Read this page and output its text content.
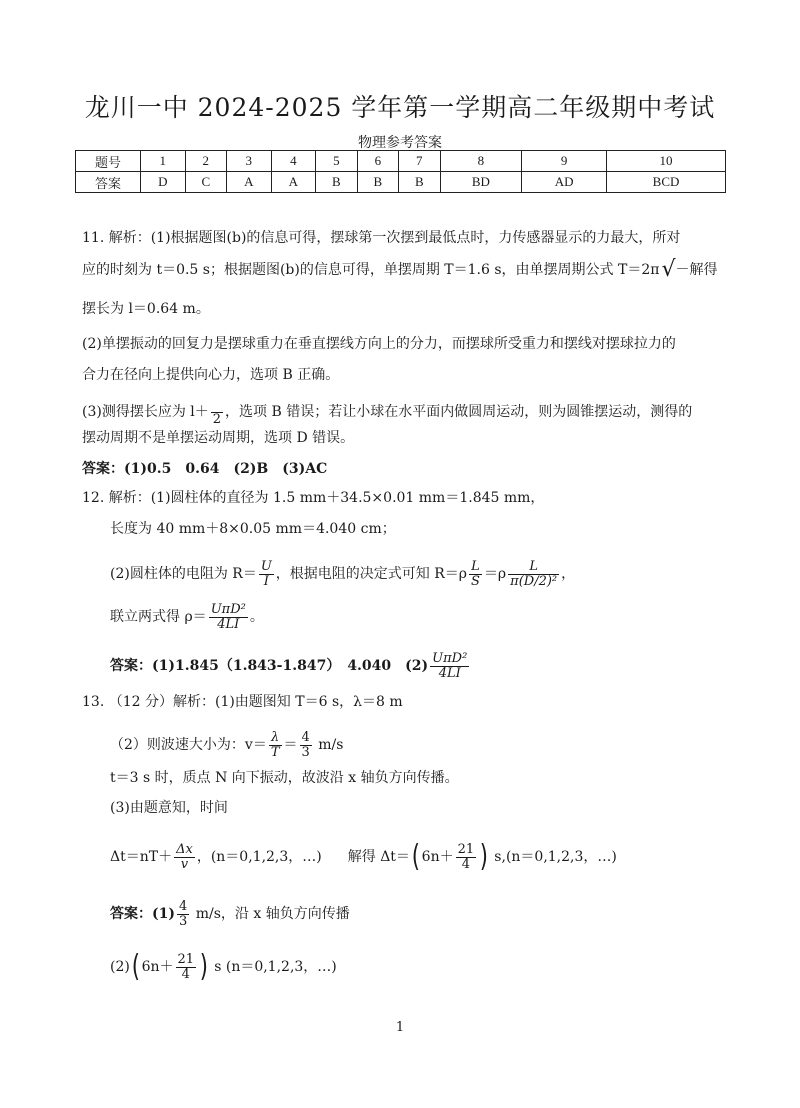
龙川一中 2024-2025 学年第一学期高二年级期中考试
物理参考答案
题号	1	2	3	4	5	6	7	8	9	10
答案	D	C	A	A	B	B	B	BD	AD	BCD
11. 解析：(1)根据题图(b)的信息可得，摆球第一次摆到最低点时，力传感器显示的力最大，所对
应的时刻为 t＝0.5 s；根据题图(b)的信息可得，单摆周期 T＝1.6 s，由单摆周期公式 T＝2π√－解得
摆长为 l＝0.64 m。
(2)单摆振动的回复力是摆球重力在垂直摆线方向上的分力，而摆球所受重力和摆线对摆球拉力的
合力在径向上提供向心力，选项 B 正确。
(3)测得摆长应为 l＋ 2 ，选项 B 错误；若让小球在水平面内做圆周运动，则为圆锥摆运动，测得的
摆动周期不是单摆运动周期，选项 D 错误。
答案：(1)0.5　0.64　(2)B　(3)AC
12. 解析：(1)圆柱体的直径为 1.5 mm＋34.5×0.01 mm＝1.845 mm，
长度为 40 mm＋8×0.05 mm＝4.040 cm；
(2)圆柱体的电阻为 $R= \frac{U}{I}$ ，根据电阻的决定式可知 $R=\rho \frac{L}{S} =\rho \frac{L}{\text{π(D/2)²}}$ ，
联立两式得 $\rho= \frac{\text{UπD²}}{4LI}$ 。
答案：(1)1.845（1.843-1.847）　4.040　$(2) \frac{\text{UπD²}}{4LI}$
13. （12 分）解析：(1)由题图知 T＝6 s，λ＝8 m
（2）则波速大小为：$v= \frac{\lambda}{T} = \frac{4}{3} m/s$
t＝3 s 时，质点 N 向下振动，故波沿 x 轴负方向传播。
(3)由题意知，时间
$\Delta t=nT+ \frac{\Delta x}{v}$ ，(n＝0,1,2,3，…) 解得 Δt＝( $6n+ \frac{21}{4}$ ) s,(n＝0,1,2,3，…)
答案：$(1) \frac{4}{3} m/s$，沿 x 轴负方向传播
(2)( $6n+ \frac{21}{4}$ ) s (n＝0,1,2,3，…)
1
